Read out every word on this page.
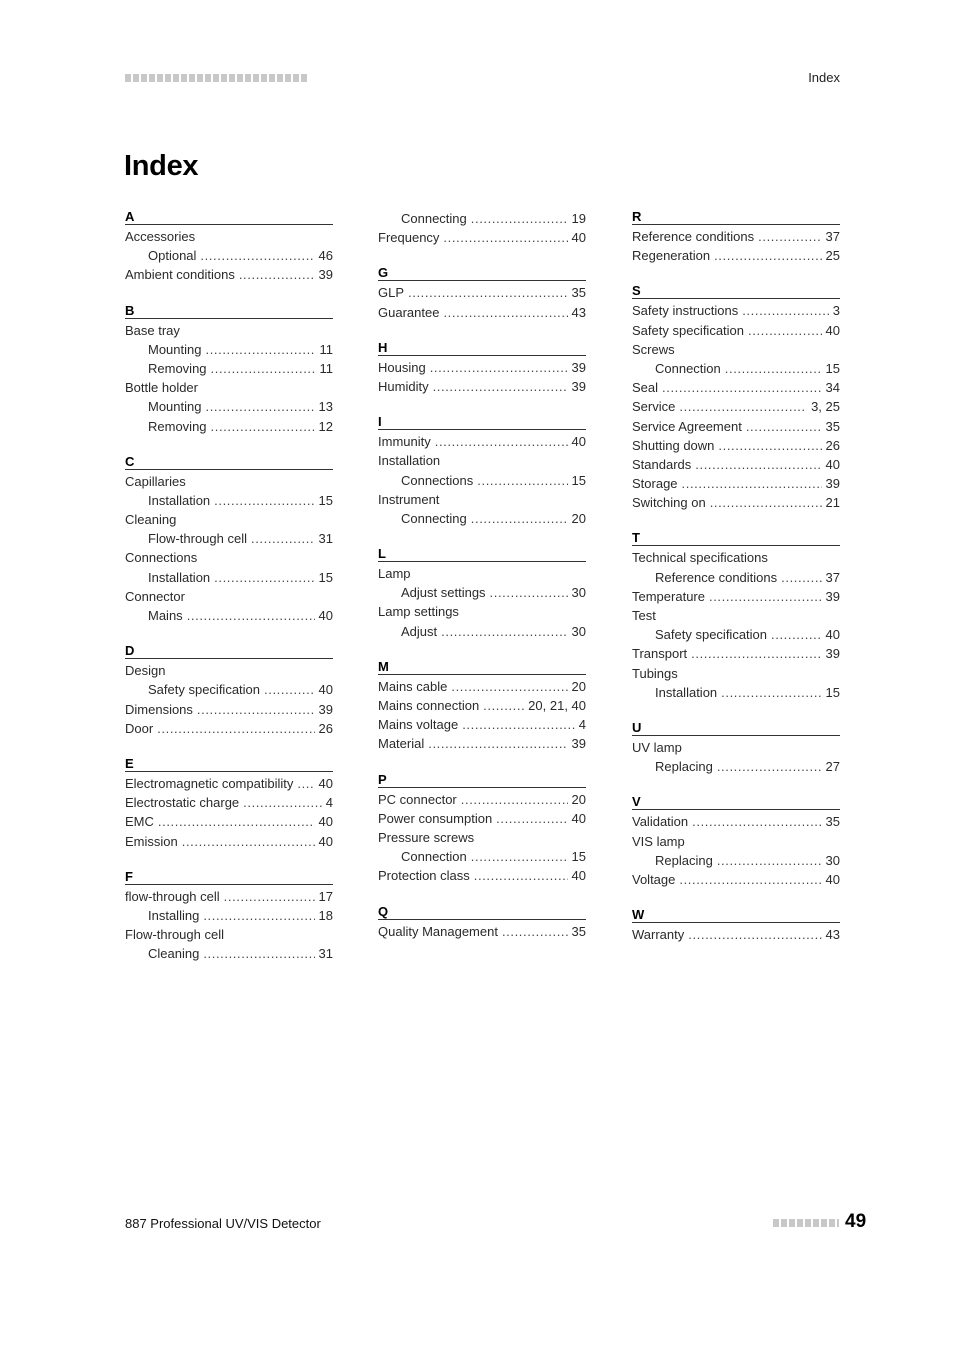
Index
Index
A
Accessories
Optional .....	46
Ambient conditions .....	39
B
Base tray
Mounting .....	11
Removing .....	11
Bottle holder
Mounting .....	13
Removing .....	12
C
Capillaries
Installation .....	15
Cleaning
Flow-through cell .....	31
Connections
Installation .....	15
Connector
Mains .....	40
D
Design
Safety specification .....	40
Dimensions .....	39
Door .....	26
E
Electromagnetic compatibility ..... 40
Electrostatic charge .....	4
EMC .....	40
Emission .....	40
F
flow-through cell .....	17
Installing .....	18
Flow-through cell
Cleaning .....	31
Connecting .....	19
Frequency .....	40
G
GLP .....	35
Guarantee .....	43
H
Housing .....	39
Humidity .....	39
I
Immunity .....	40
Installation
Connections .....	15
Instrument
Connecting .....	20
L
Lamp
Adjust settings .....	30
Lamp settings
Adjust .....	30
M
Mains cable .....	20
Mains connection .....	20, 21, 40
Mains voltage .....	4
Material .....	39
P
PC connector .....	20
Power consumption .....	40
Pressure screws
Connection .....	15
Protection class .....	40
Q
Quality Management .....	35
R
Reference conditions .....	37
Regeneration .....	25
S
Safety instructions .....	3
Safety specification .....	40
Screws
Connection .....	15
Seal .....	34
Service .....	3, 25
Service Agreement .....	35
Shutting down .....	26
Standards .....	40
Storage .....	39
Switching on .....	21
T
Technical specifications
Reference conditions .....	37
Temperature .....	39
Test
Safety specification .....	40
Transport .....	39
Tubings
Installation .....	15
U
UV lamp
Replacing .....	27
V
Validation .....	35
VIS lamp
Replacing .....	30
Voltage .....	40
W
Warranty .....	43
887 Professional UV/VIS Detector	49
